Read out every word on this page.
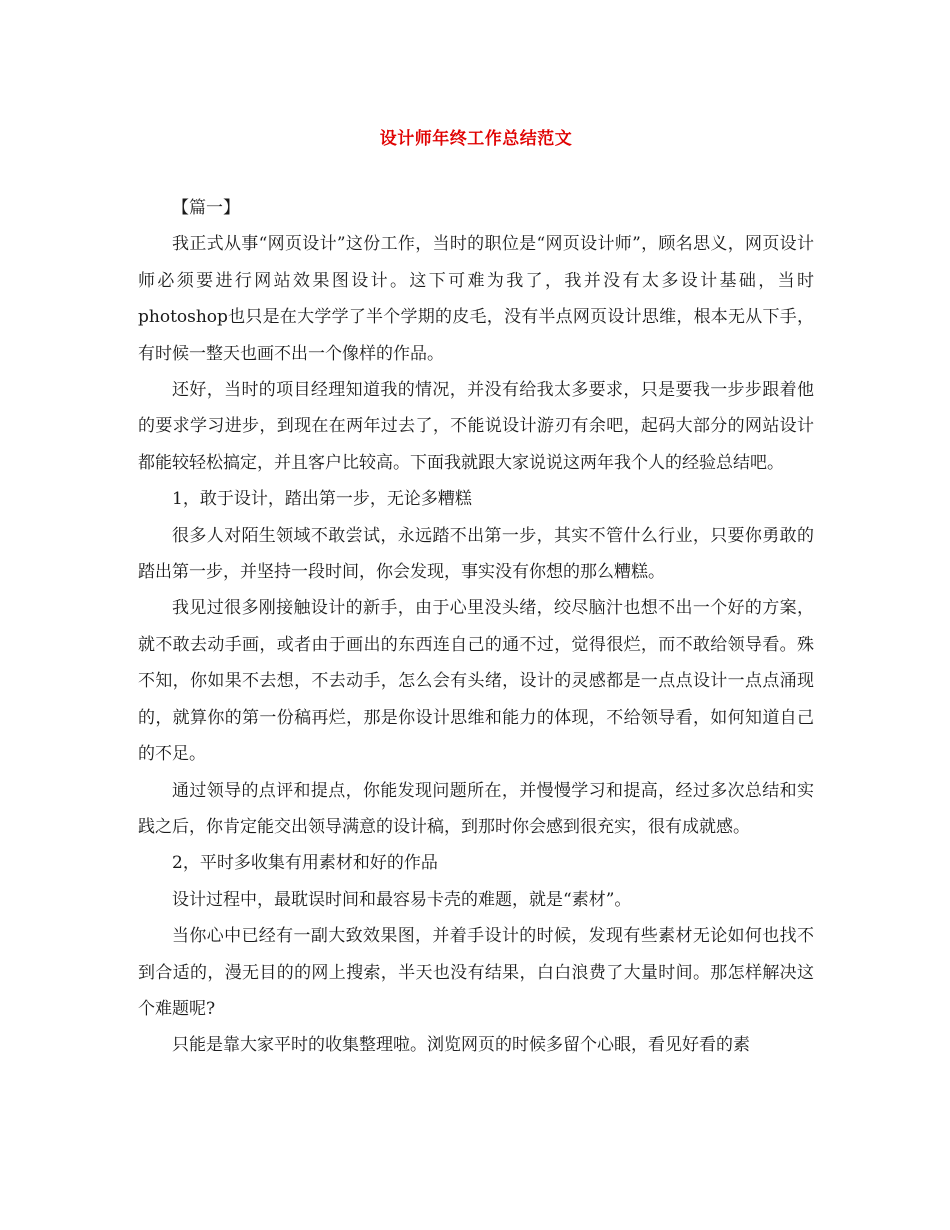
设计师年终工作总结范文

【篇一】

我正式从事“网页设计”这份工作，当时的职位是“网页设计师”，顾名思义，网页设计师必须要进行网站效果图设计。这下可难为我了，我并没有太多设计基础，当时photoshop也只是在大学学了半个学期的皮毛，没有半点网页设计思维，根本无从下手，有时候一整天也画不出一个像样的作品。

还好，当时的项目经理知道我的情况，并没有给我太多要求，只是要我一步步跟着他的要求学习进步，到现在在两年过去了，不能说设计游刃有余吧，起码大部分的网站设计都能较轻松搞定，并且客户比较高。下面我就跟大家说说这两年我个人的经验总结吧。

1，敢于设计，踏出第一步，无论多糟糕

很多人对陌生领域不敢尝试，永远踏不出第一步，其实不管什么行业，只要你勇敢的踏出第一步，并坚持一段时间，你会发现，事实没有你想的那么糟糕。

我见过很多刚接触设计的新手，由于心里没头绪，绞尽脑汁也想不出一个好的方案，就不敢去动手画，或者由于画出的东西连自己的通不过，觉得很烂，而不敢给领导看。殊不知，你如果不去想，不去动手，怎么会有头绪，设计的灵感都是一点点设计一点点涌现的，就算你的第一份稿再烂，那是你设计思维和能力的体现，不给领导看，如何知道自己的不足。

通过领导的点评和提点，你能发现问题所在，并慢慢学习和提高，经过多次总结和实践之后，你肯定能交出领导满意的设计稿，到那时你会感到很充实，很有成就感。

2，平时多收集有用素材和好的作品

设计过程中，最耽误时间和最容易卡壳的难题，就是“素材”。

当你心中已经有一副大致效果图，并着手设计的时候，发现有些素材无论如何也找不到合适的，漫无目的的网上搜索，半天也没有结果，白白浪费了大量时间。那怎样解决这个难题呢?

只能是靠大家平时的收集整理啦。浏览网页的时候多留个心眼，看见好看的素
